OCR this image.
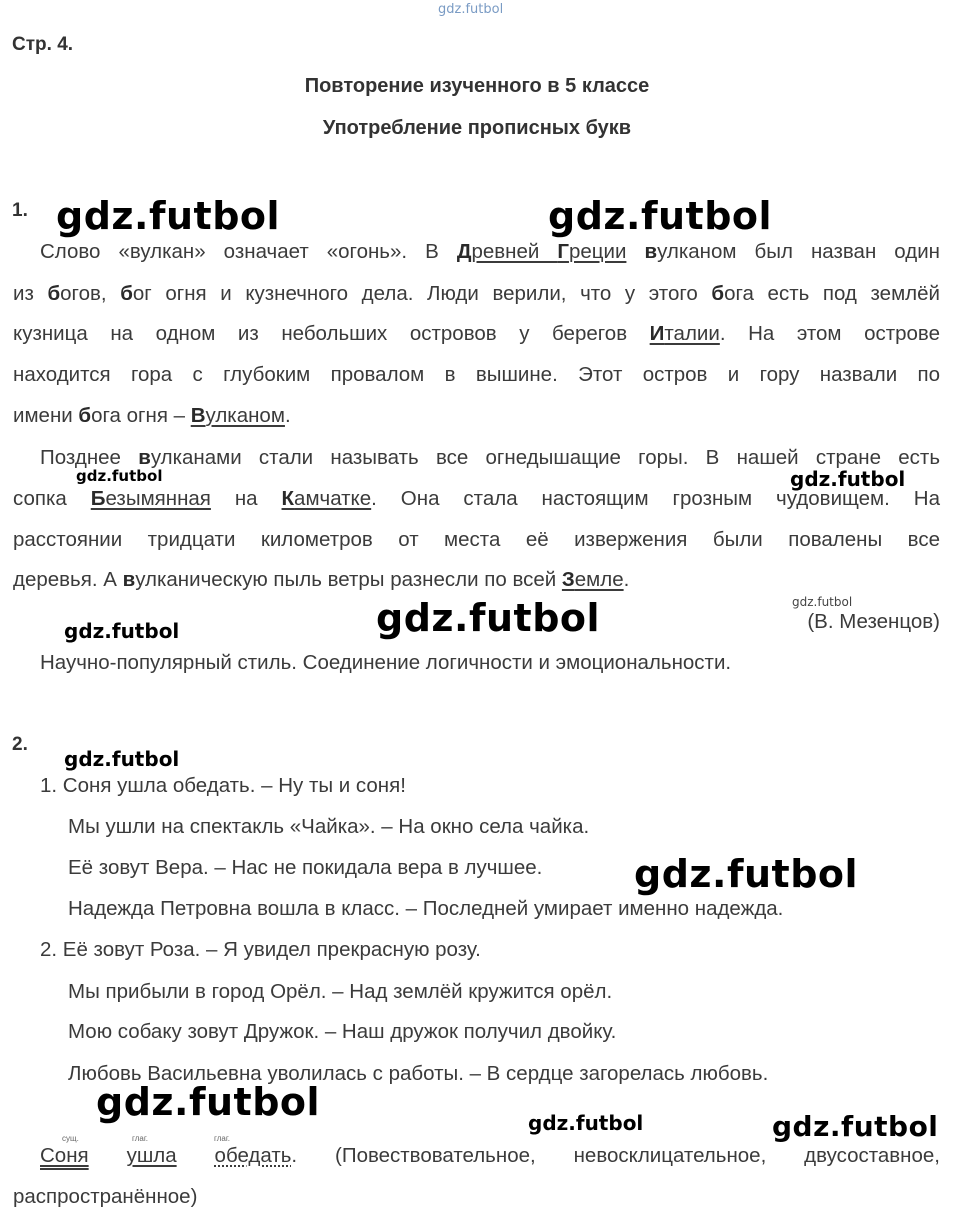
gdz.futbol
Стр. 4.
Повторение изученного в 5 классе
Употребление прописных букв
1.
Слово «вулкан» означает «огонь». В Древней Греции вулканом был назван один
из богов, бог огня и кузнечного дела. Люди верили, что у этого бога есть под землёй
кузница на одном из небольших островов у берегов Италии. На этом острове
находится гора с глубоким провалом в вышине. Этот остров и гору назвали по
имени бога огня – Вулканом.
Позднее вулканами стали называть все огнедышащие горы. В нашей стране есть
сопка Безымянная на Камчатке. Она стала настоящим грозным чудовищем. На
расстоянии тридцати километров от места её извержения были повалены все
деревья. А вулканическую пыль ветры разнесли по всей Земле.
(В. Мезенцов)
Научно-популярный стиль. Соединение логичности и эмоциональности.
2.
1. Соня ушла обедать. – Ну ты и соня!
Мы ушли на спектакль «Чайка». – На окно села чайка.
Её зовут Вера. – Нас не покидала вера в лучшее.
Надежда Петровна вошла в класс. – Последней умирает именно надежда.
2. Её зовут Роза. – Я увидел прекрасную розу.
Мы прибыли в город Орёл. – Над землёй кружится орёл.
Мою собаку зовут Дружок. – Наш дружок получил двойку.
Любовь Васильевна уволилась с работы. – В сердце загорелась любовь.
сущ.	глаг.	глаг.
Соня ушла обедать. (Повествовательное, невосклицательное, двусоставное,
распространённое)
gdz.futbol	gdz.futbol
gdz.futbol	gdz.futbol
gdz.futbol
gdz.futbol	gdz.futbol
gdz.futbol
gdz.futbol
gdz.futbol	gdz.futbol	gdz.futbol
